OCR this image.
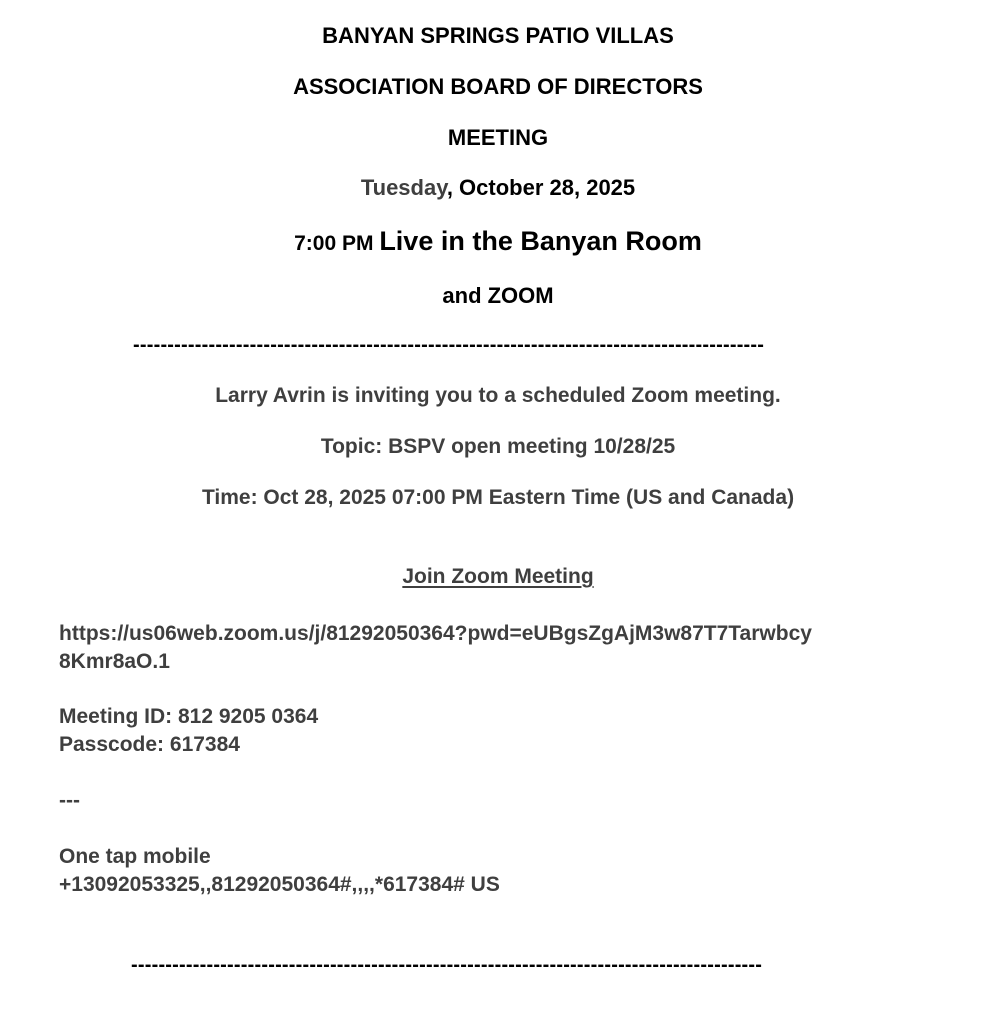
BANYAN SPRINGS PATIO VILLAS
ASSOCIATION BOARD OF DIRECTORS
MEETING
Tuesday, October 28, 2025
7:00 PM Live in the Banyan Room
and ZOOM
--------------------------------------------------------------------------------------------
Larry Avrin is inviting you to a scheduled Zoom meeting.
Topic: BSPV open meeting 10/28/25
Time: Oct 28, 2025 07:00 PM Eastern Time (US and Canada)
Join Zoom Meeting
https://us06web.zoom.us/j/81292050364?pwd=eUBgsZgAjM3w87T7Tarwbcy
8Kmr8aO.1
Meeting ID: 812 9205 0364
Passcode: 617384
---
One tap mobile
+13092053325,,81292050364#,,,,*617384# US
--------------------------------------------------------------------------------------------
